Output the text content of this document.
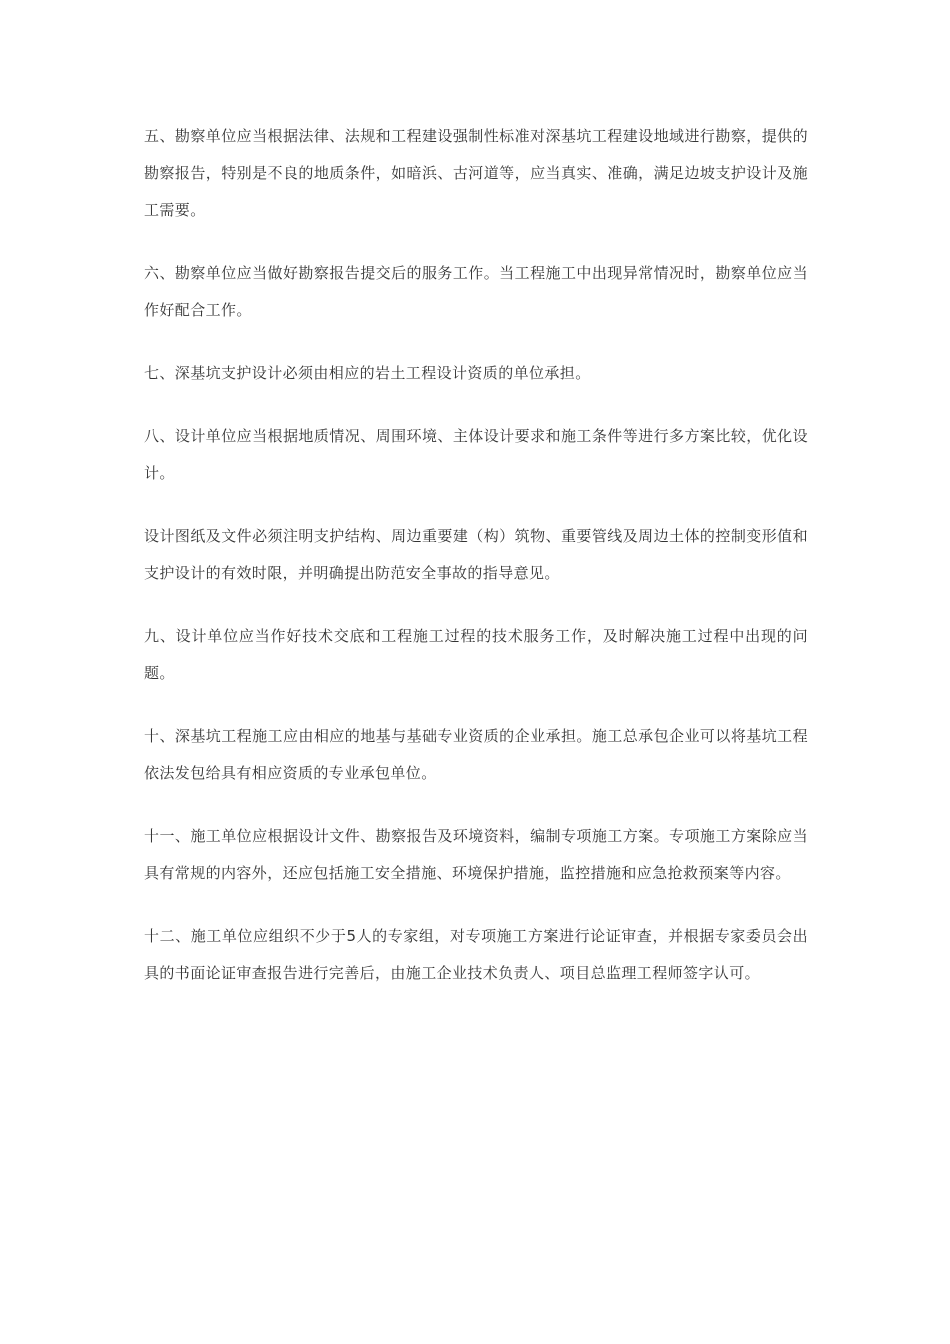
五、勘察单位应当根据法律、法规和工程建设强制性标准对深基坑工程建设地域进行勘察，提供的勘察报告，特别是不良的地质条件，如暗浜、古河道等，应当真实、准确，满足边坡支护设计及施工需要。

六、勘察单位应当做好勘察报告提交后的服务工作。当工程施工中出现异常情况时，勘察单位应当作好配合工作。

七、深基坑支护设计必须由相应的岩土工程设计资质的单位承担。

八、设计单位应当根据地质情况、周围环境、主体设计要求和施工条件等进行多方案比较，优化设计。

设计图纸及文件必须注明支护结构、周边重要建（构）筑物、重要管线及周边土体的控制变形值和支护设计的有效时限，并明确提出防范安全事故的指导意见。

九、设计单位应当作好技术交底和工程施工过程的技术服务工作，及时解决施工过程中出现的问题。

十、深基坑工程施工应由相应的地基与基础专业资质的企业承担。施工总承包企业可以将基坑工程依法发包给具有相应资质的专业承包单位。

十一、施工单位应根据设计文件、勘察报告及环境资料，编制专项施工方案。专项施工方案除应当具有常规的内容外，还应包括施工安全措施、环境保护措施，监控措施和应急抢救预案等内容。

十二、施工单位应组织不少于5人的专家组，对专项施工方案进行论证审查，并根据专家委员会出具的书面论证审查报告进行完善后，由施工企业技术负责人、项目总监理工程师签字认可。
